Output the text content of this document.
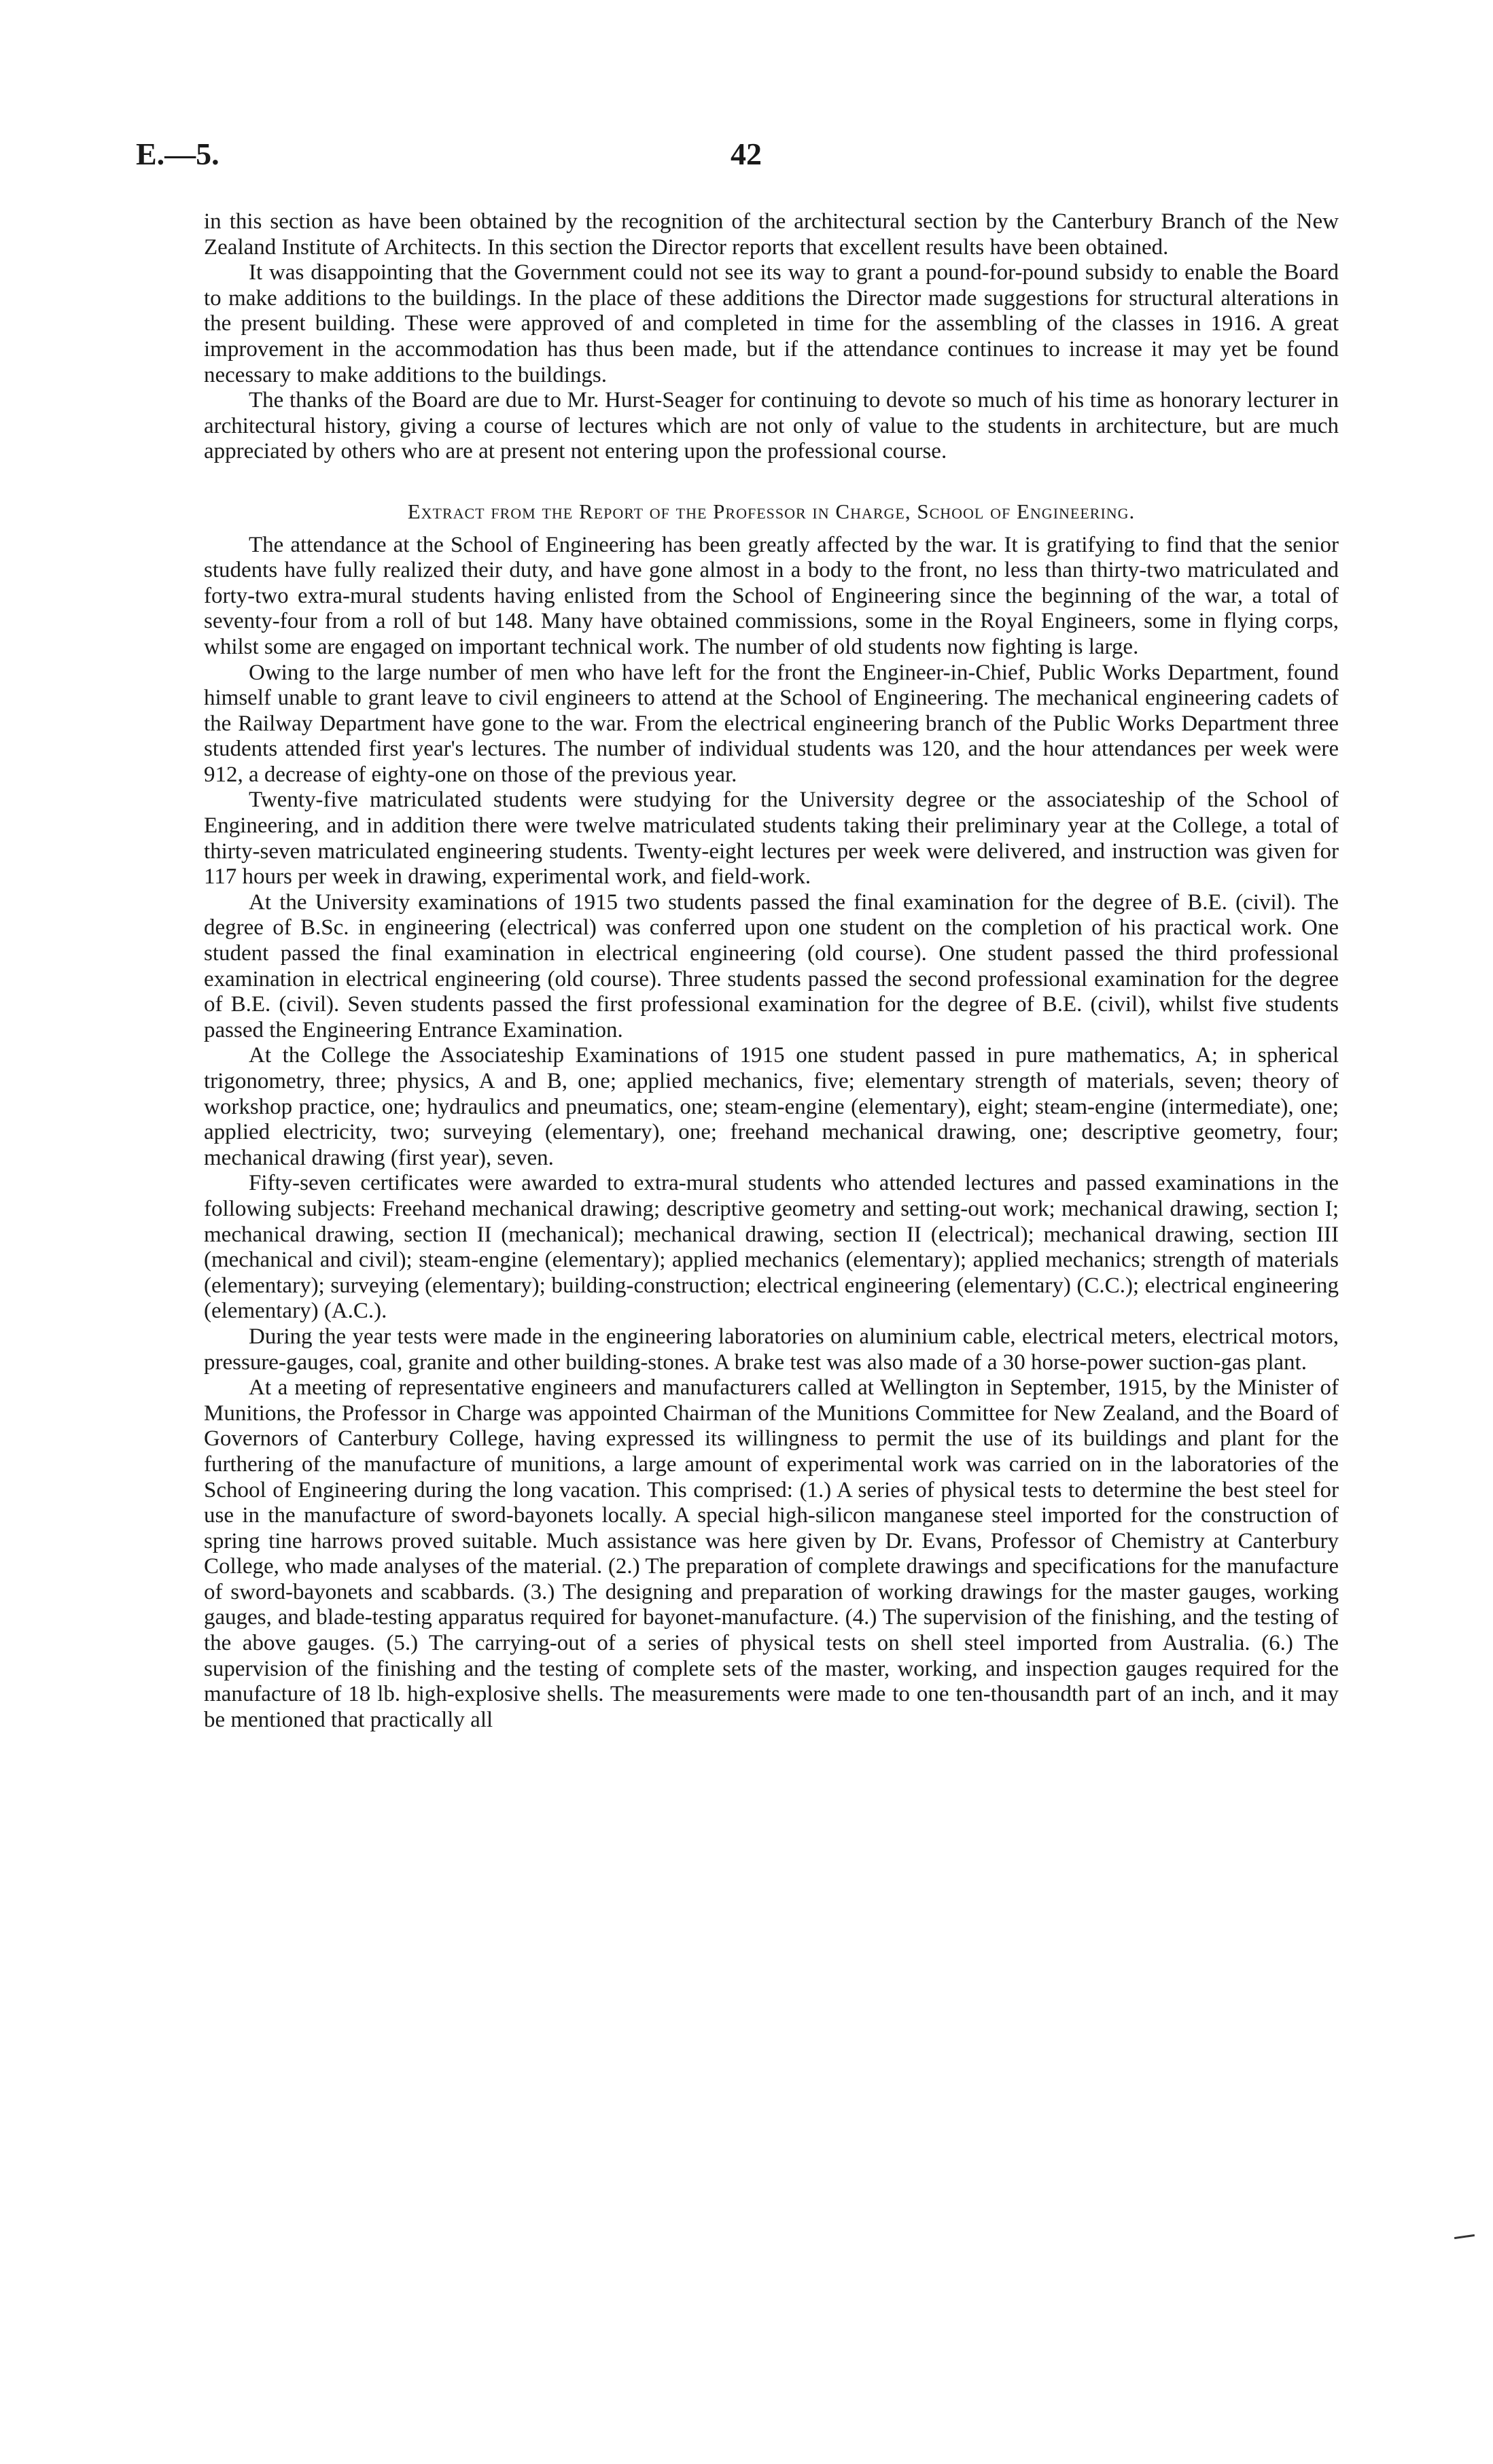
E.—5.	42

in this section as have been obtained by the recognition of the architectural section by the Canterbury Branch of the New Zealand Institute of Architects. In this section the Director reports that excellent results have been obtained.

It was disappointing that the Government could not see its way to grant a pound-for-pound subsidy to enable the Board to make additions to the buildings. In the place of these additions the Director made suggestions for structural alterations in the present building. These were approved of and completed in time for the assembling of the classes in 1916. A great improvement in the accommodation has thus been made, but if the attendance continues to increase it may yet be found necessary to make additions to the buildings.

The thanks of the Board are due to Mr. Hurst-Seager for continuing to devote so much of his time as honorary lecturer in architectural history, giving a course of lectures which are not only of value to the students in architecture, but are much appreciated by others who are at present not entering upon the professional course.

Extract from the Report of the Professor in Charge, School of Engineering.

The attendance at the School of Engineering has been greatly affected by the war. It is gratifying to find that the senior students have fully realized their duty, and have gone almost in a body to the front, no less than thirty-two matriculated and forty-two extra-mural students having enlisted from the School of Engineering since the beginning of the war, a total of seventy-four from a roll of but 148. Many have obtained commissions, some in the Royal Engineers, some in flying corps, whilst some are engaged on important technical work. The number of old students now fighting is large.

Owing to the large number of men who have left for the front the Engineer-in-Chief, Public Works Department, found himself unable to grant leave to civil engineers to attend at the School of Engineering. The mechanical engineering cadets of the Railway Department have gone to the war. From the electrical engineering branch of the Public Works Department three students attended first year's lectures. The number of individual students was 120, and the hour attendances per week were 912, a decrease of eighty-one on those of the previous year.

Twenty-five matriculated students were studying for the University degree or the associateship of the School of Engineering, and in addition there were twelve matriculated students taking their preliminary year at the College, a total of thirty-seven matriculated engineering students. Twenty-eight lectures per week were delivered, and instruction was given for 117 hours per week in drawing, experimental work, and field-work.

At the University examinations of 1915 two students passed the final examination for the degree of B.E. (civil). The degree of B.Sc. in engineering (electrical) was conferred upon one student on the completion of his practical work. One student passed the final examination in electrical engineering (old course). One student passed the third professional examination in electrical engineering (old course). Three students passed the second professional examination for the degree of B.E. (civil). Seven students passed the first professional examination for the degree of B.E. (civil), whilst five students passed the Engineering Entrance Examination.

At the College the Associateship Examinations of 1915 one student passed in pure mathematics, A; in spherical trigonometry, three; physics, A and B, one; applied mechanics, five; elementary strength of materials, seven; theory of workshop practice, one; hydraulics and pneumatics, one; steam-engine (elementary), eight; steam-engine (intermediate), one; applied electricity, two; surveying (elementary), one; freehand mechanical drawing, one; descriptive geometry, four; mechanical drawing (first year), seven.

Fifty-seven certificates were awarded to extra-mural students who attended lectures and passed examinations in the following subjects: Freehand mechanical drawing; descriptive geometry and setting-out work; mechanical drawing, section I; mechanical drawing, section II (mechanical); mechanical drawing, section II (electrical); mechanical drawing, section III (mechanical and civil); steam-engine (elementary); applied mechanics (elementary); applied mechanics; strength of materials (elementary); surveying (elementary); building-construction; electrical engineering (elementary) (C.C.); electrical engineering (elementary) (A.C.).

During the year tests were made in the engineering laboratories on aluminium cable, electrical meters, electrical motors, pressure-gauges, coal, granite and other building-stones. A brake test was also made of a 30 horse-power suction-gas plant.

At a meeting of representative engineers and manufacturers called at Wellington in September, 1915, by the Minister of Munitions, the Professor in Charge was appointed Chairman of the Munitions Committee for New Zealand, and the Board of Governors of Canterbury College, having expressed its willingness to permit the use of its buildings and plant for the furthering of the manufacture of munitions, a large amount of experimental work was carried on in the laboratories of the School of Engineering during the long vacation. This comprised: (1.) A series of physical tests to determine the best steel for use in the manufacture of sword-bayonets locally. A special high-silicon manganese steel imported for the construction of spring tine harrows proved suitable. Much assistance was here given by Dr. Evans, Professor of Chemistry at Canterbury College, who made analyses of the material. (2.) The preparation of complete drawings and specifications for the manufacture of sword-bayonets and scabbards. (3.) The designing and preparation of working drawings for the master gauges, working gauges, and blade-testing apparatus required for bayonet-manufacture. (4.) The supervision of the finishing, and the testing of the above gauges. (5.) The carrying-out of a series of physical tests on shell steel imported from Australia. (6.) The supervision of the finishing and the testing of complete sets of the master, working, and inspection gauges required for the manufacture of 18 lb. high-explosive shells. The measurements were made to one ten-thousandth part of an inch, and it may be mentioned that practically all
